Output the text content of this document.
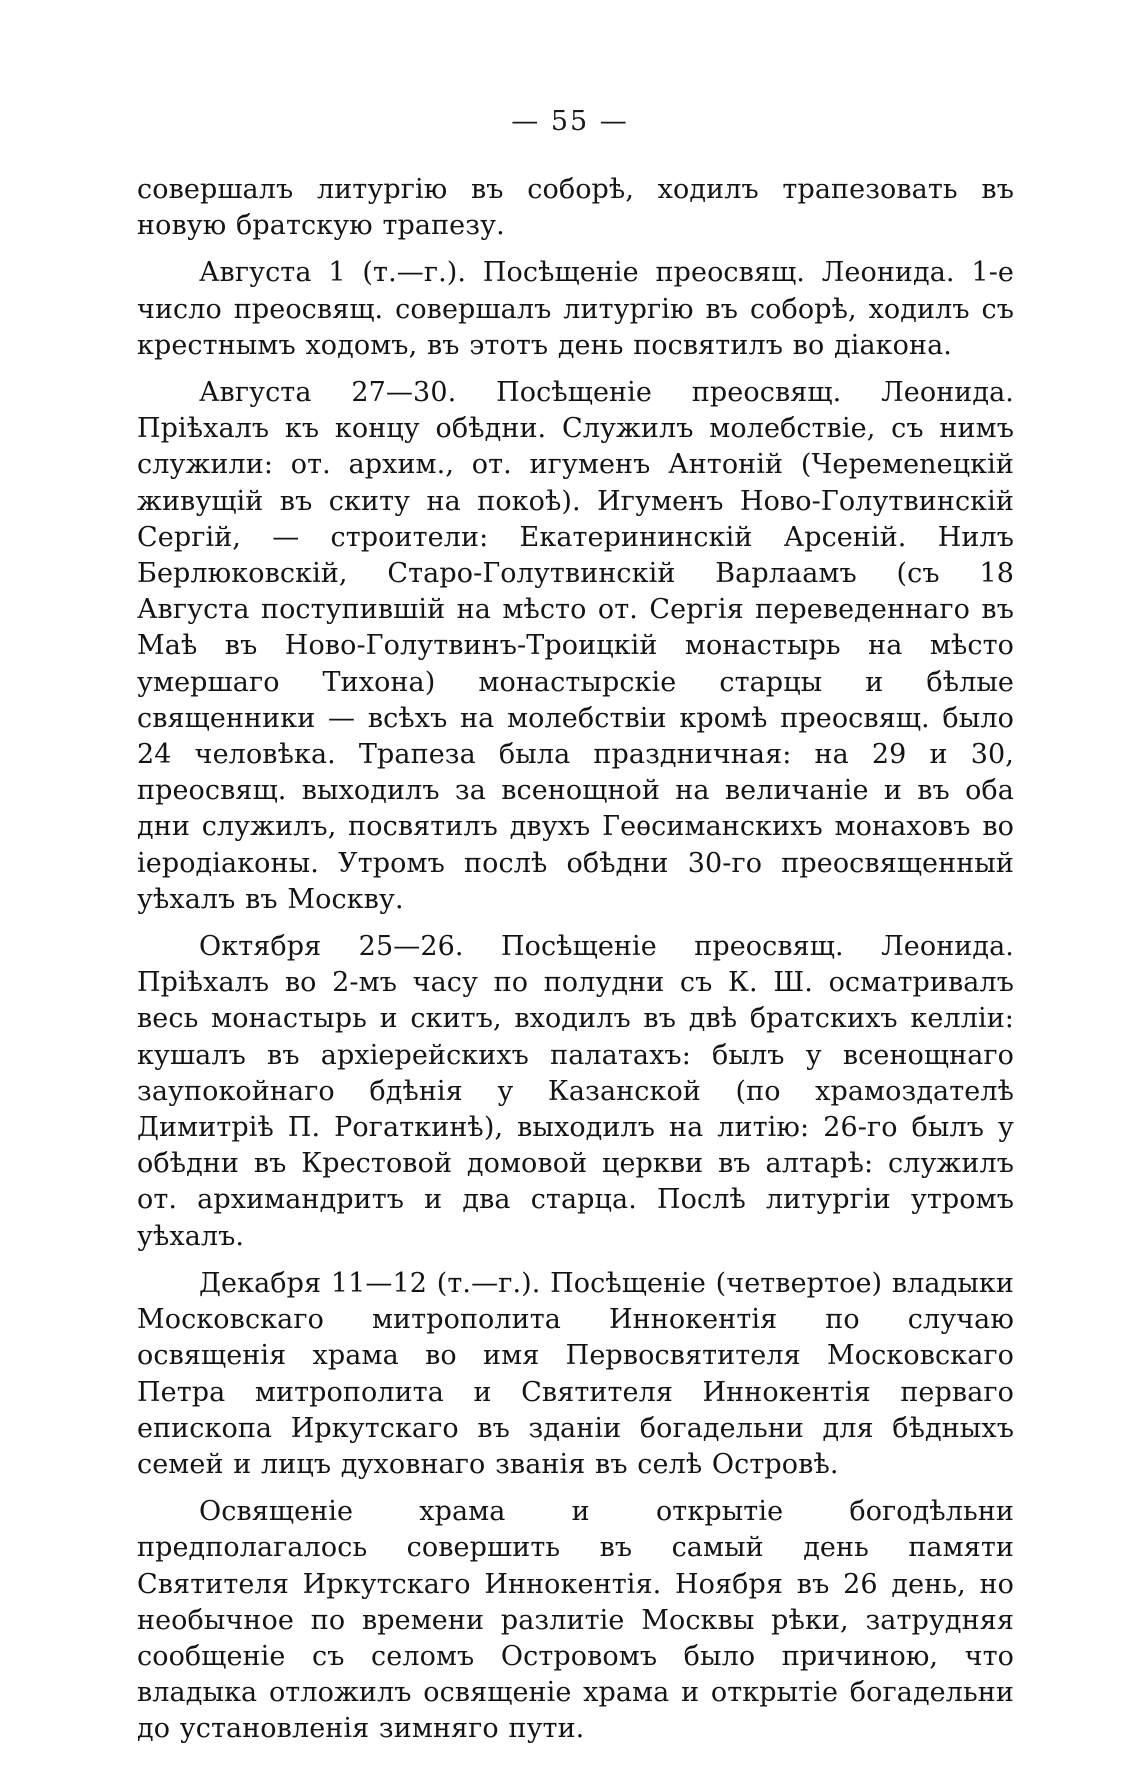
— 55 —

совершалъ литургію въ соборѣ, ходилъ трапезовать въ новую братскую трапезу.

Августа 1 (т.—г.). Посѣщеніе преосвящ. Леонида. 1-е число преосвящ. совершалъ литургію въ соборѣ, ходилъ съ крестнымъ ходомъ, въ этотъ день посвятилъ во діакона.

Августа 27—30. Посѣщеніе преосвящ. Леонида. Пріѣхалъ къ концу обѣдни. Служилъ молебствіе, съ нимъ служили: от. архим., от. игуменъ Антоній (Черемenецкій живущій въ скиту на покоѣ). Игуменъ Ново-Голутвинскій Сергій, — строители: Екатерининскій Арсеній. Нилъ Берлюковскій, Старо-Голутвинскій Варлаамъ (съ 18 Августа поступившій на мѣсто от. Сергія переведеннаго въ Маѣ въ Ново-Голутвинъ-Троицкій монастырь на мѣсто умершаго Тихона) монастырскіе старцы и бѣлые священники — всѣхъ на молебствіи кромѣ преосвящ. было 24 человѣка. Трапеза была праздничная: на 29 и 30, преосвящ. выходилъ за всенощной на величаніе и въ оба дни служилъ, посвятилъ двухъ Геѳсиманскихъ монаховъ во іеродіаконы. Утромъ послѣ обѣдни 30-го преосвященный уѣхалъ въ Москву.

Октября 25—26. Посѣщеніе преосвящ. Леонида. Пріѣхалъ во 2-мъ часу по полудни съ К. Ш. осматривалъ весь монастырь и скитъ, входилъ въ двѣ братскихъ келліи: кушалъ въ архіерейскихъ палатахъ: былъ у всенощнаго заупокойнаго бдѣнія у Казанской (по храмоздателѣ Димитріѣ П. Рогаткинѣ), выходилъ на литію: 26-го былъ у обѣдни въ Крестовой домовой церкви въ алтарѣ: служилъ от. архимандритъ и два старца. Послѣ литургіи утромъ уѣхалъ.

Декабря 11—12 (т.—г.). Посѣщеніе (четвертое) владыки Московскаго митрополита Иннокентія по случаю освященія храма во имя Первосвятителя Московскаго Петра митрополита и Святителя Иннокентія перваго епископа Иркутскаго въ зданіи богадельни для бѣдныхъ семей и лицъ духовнаго званія въ селѣ Островѣ.

Освященіе храма и открытіе богодѣльни предполагалось совершить въ самый день памяти Святителя Иркутскаго Иннокентія. Ноября въ 26 день, но необычное по времени разлитіе Москвы рѣки, затрудняя сообщеніе съ селомъ Островомъ было причиною, что владыка отложилъ освященіе храма и открытіе богадельни до установленія зимняго пути.
